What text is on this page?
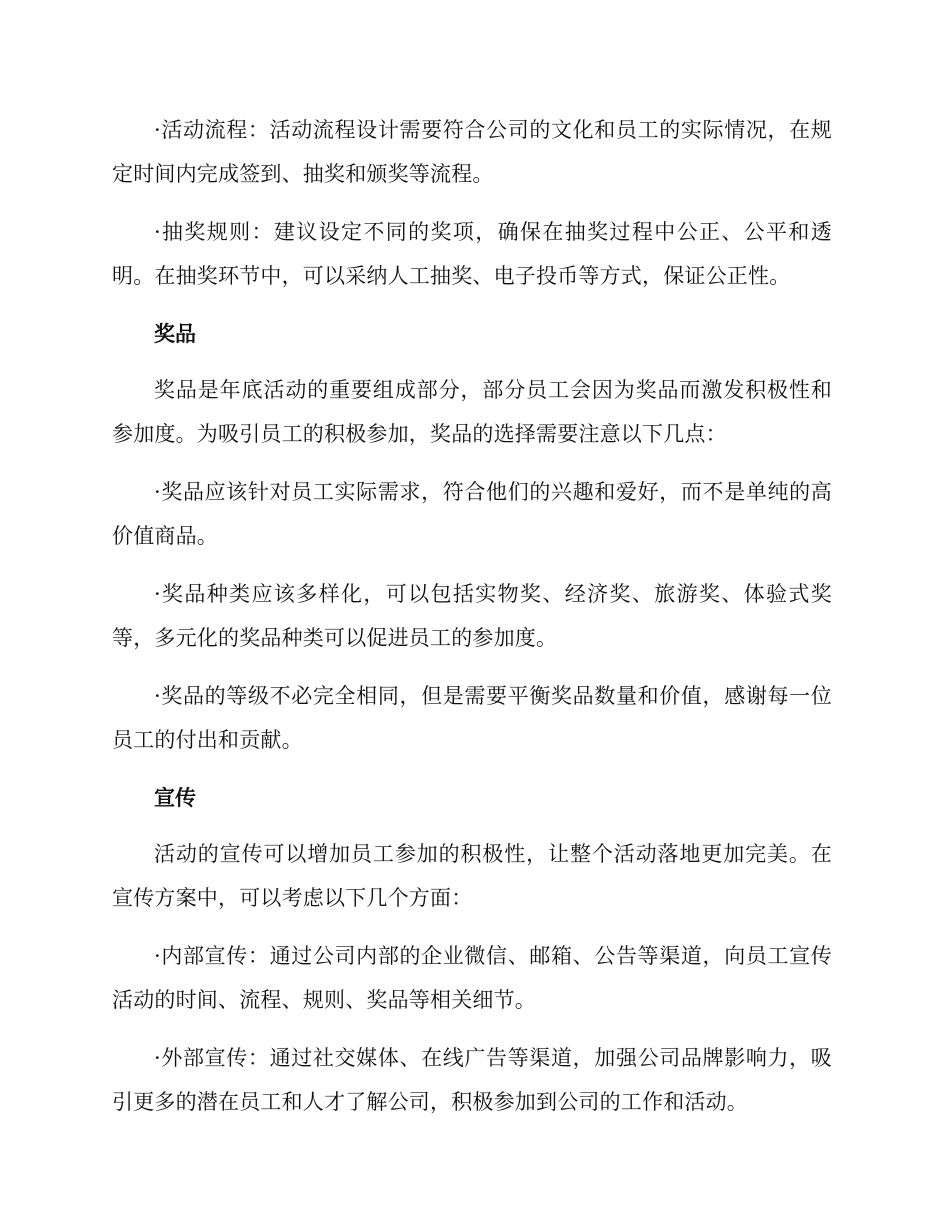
·活动流程：活动流程设计需要符合公司的文化和员工的实际情况，在规定时间内完成签到、抽奖和颁奖等流程。

·抽奖规则：建议设定不同的奖项，确保在抽奖过程中公正、公平和透明。在抽奖环节中，可以采纳人工抽奖、电子投币等方式，保证公正性。

奖品

奖品是年底活动的重要组成部分，部分员工会因为奖品而激发积极性和参加度。为吸引员工的积极参加，奖品的选择需要注意以下几点：

·奖品应该针对员工实际需求，符合他们的兴趣和爱好，而不是单纯的高价值商品。

·奖品种类应该多样化，可以包括实物奖、经济奖、旅游奖、体验式奖等，多元化的奖品种类可以促进员工的参加度。

·奖品的等级不必完全相同，但是需要平衡奖品数量和价值，感谢每一位员工的付出和贡献。

宣传

活动的宣传可以增加员工参加的积极性，让整个活动落地更加完美。在宣传方案中，可以考虑以下几个方面：

·内部宣传：通过公司内部的企业微信、邮箱、公告等渠道，向员工宣传活动的时间、流程、规则、奖品等相关细节。

·外部宣传：通过社交媒体、在线广告等渠道，加强公司品牌影响力，吸引更多的潜在员工和人才了解公司，积极参加到公司的工作和活动。
